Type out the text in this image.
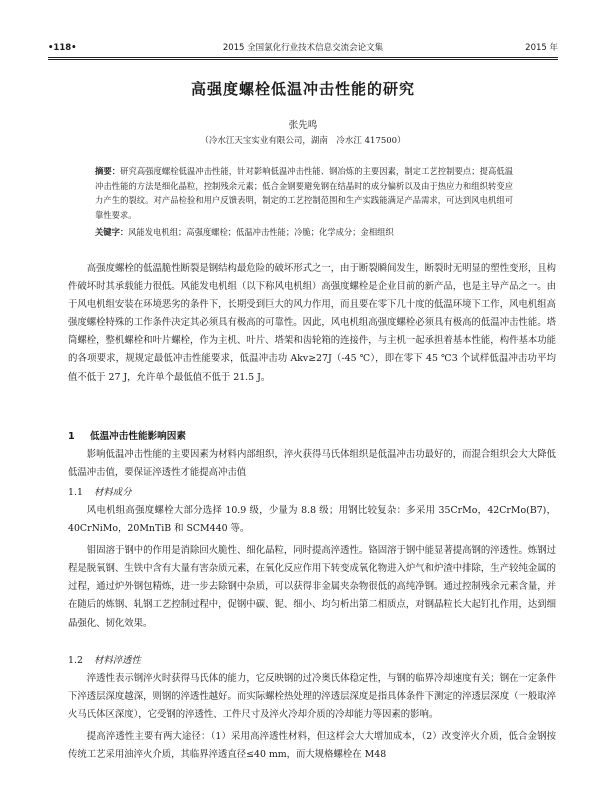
•118•	2015 全国氯化行业技术信息交流会论文集	2015 年
高强度螺栓低温冲击性能的研究
张先鸣
（冷水江天宝实业有限公司，湖南　冷水江 417500）

摘要：研究高强度螺栓低温冲击性能，针对影响低温冲击性能、钢冶炼的主要因素，制定工艺控制要点；提高低温冲击性能的方法是细化晶粒，控制残余元素；低合金钢要避免钢在结晶时的成分偏析以及由于热应力和组织转变应力产生的裂纹。对产品检验和用户反馈表明，制定的工艺控制范围和生产实践能满足产品需求，可达到风电机组可靠性要求。

关键字：风能发电机组；高强度螺栓；低温冲击性能；冷脆；化学成分；金相组织

高强度螺栓的低温脆性断裂是钢结构最危险的破坏形式之一，由于断裂瞬间发生，断裂时无明显的塑性变形，且构件破坏时其承载能力很低。风能发电机组（以下称风电机组）高强度螺栓是企业目前的新产品，也是主导产品之一。由于风电机组安装在环境恶劣的条件下，长期受到巨大的风力作用，而且要在零下几十度的低温环境下工作，风电机组高强度螺栓特殊的工作条件决定其必须具有极高的可靠性。因此，风电机组高强度螺栓必须具有极高的低温冲击性能。塔筒螺栓，整机螺栓和叶片螺栓，作为主机、叶片、塔架和齿轮箱的连接件，与主机一起承担着基本性能，构件基本功能的各项要求，规规定最低冲击性能要求，低温冲击功 Akv≥27J（-45 ℃），即在零下 45 ℃3 个试样低温冲击功平均值不低于 27 J，允许单个最低值不低于 21.5 J。

1 低温冲击性能影响因素

影响低温冲击性能的主要因素为材料内部组织，淬火获得马氏体组织是低温冲击功最好的，而混合组织会大大降低低温冲击值，要保证淬透性才能提高冲击值

1.1 材料成分

风电机组高强度螺栓大部分选择 10.9 级，少量为 8.8 级；用钢比较复杂：多采用 35CrMo，42CrMo(B7)，40CrNiMo，20MnTiB 和 SCM440 等。

钼固溶于钢中的作用是消除回火脆性、细化晶粒，同时提高淬透性。铬固溶于钢中能显著提高钢的淬透性。炼钢过程是脱氧钢、生铁中含有大量有害杂质元素，在氧化反应作用下转变成氧化物进入炉气和炉渣中排除，生产较纯金属的过程，通过炉外钢包精炼，进一步去除钢中杂质，可以获得非金属夹杂物很低的高纯净钢。通过控制残余元素含量，并在随后的炼钢、轧钢工艺控制过程中，促钢中碳、铌、细小、均匀析出第二相质点，对钢晶粒长大起钉扎作用，达到细晶强化、韧化效果。

1.2 材料淬透性

淬透性表示钢淬火时获得马氏体的能力，它反映钢的过冷奥氏体稳定性，与钢的临界冷却速度有关；钢在一定条件下淬透层深度越深，则钢的淬透性越好。而实际螺栓热处理的淬透层深度是指具体条件下测定的淬透层深度（一般取淬火马氏体区深度），它受钢的淬透性、工件尺寸及淬火冷却介质的冷却能力等因素的影响。

提高淬透性主要有两大途径：（1）采用高淬透性材料，但这样会大大增加成本，（2）改变淬火介质，低合金钢按传统工艺采用油淬火介质，其临界淬透直径≤40 mm，而大规格螺栓在 M48
